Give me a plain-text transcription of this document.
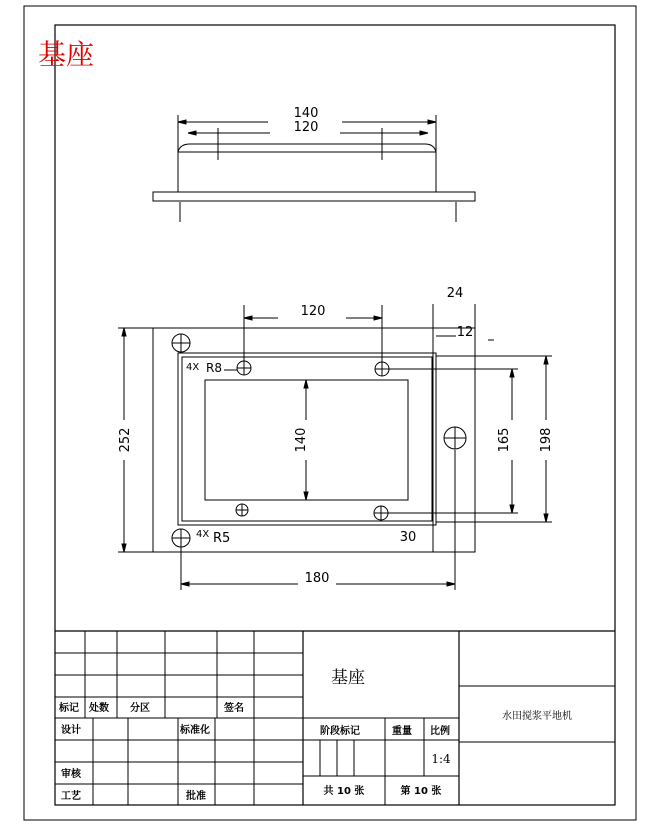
基座
140
120
120
24
12
4X R8
252	140	165 198
4X R5	30
180
基座
水田搅浆平地机
标记 处数 分区	签名
设计	标准化
审核
工艺	批准
阶段标记	重量 比例
1:4
共 10 张	第 10 张
